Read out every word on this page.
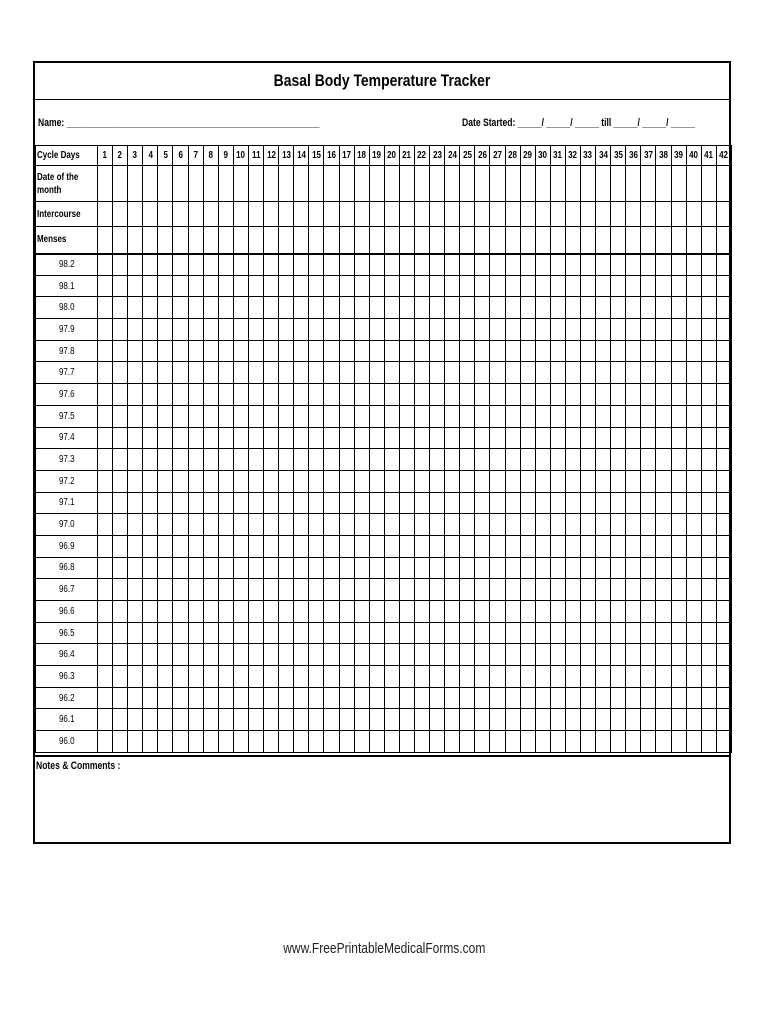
Basal Body Temperature Tracker
Name: _____________________________________________________	Date Started: _____/ _____/ _____ till _____/ _____/ _____
Cycle Days	1	2	3	4	5	6	7	8	9	10	11	12	13	14	15	16	17	18	19	20	21	22	23	24	25	26	27	28	29	30	31	32	33	34	35	36	37	38	39	40	41	42
Date of the month																																										
Intercourse																																										
Menses																																										
98.2																																										
98.1																																										
98.0																																										
97.9																																										
97.8																																										
97.7																																										
97.6																																										
97.5																																										
97.4																																										
97.3																																										
97.2																																										
97.1																																										
97.0																																										
96.9																																										
96.8																																										
96.7																																										
96.6																																										
96.5																																										
96.4																																										
96.3																																										
96.2																																										
96.1																																										
96.0																																										
Notes & Comments :
www.FreePrintableMedicalForms.com
